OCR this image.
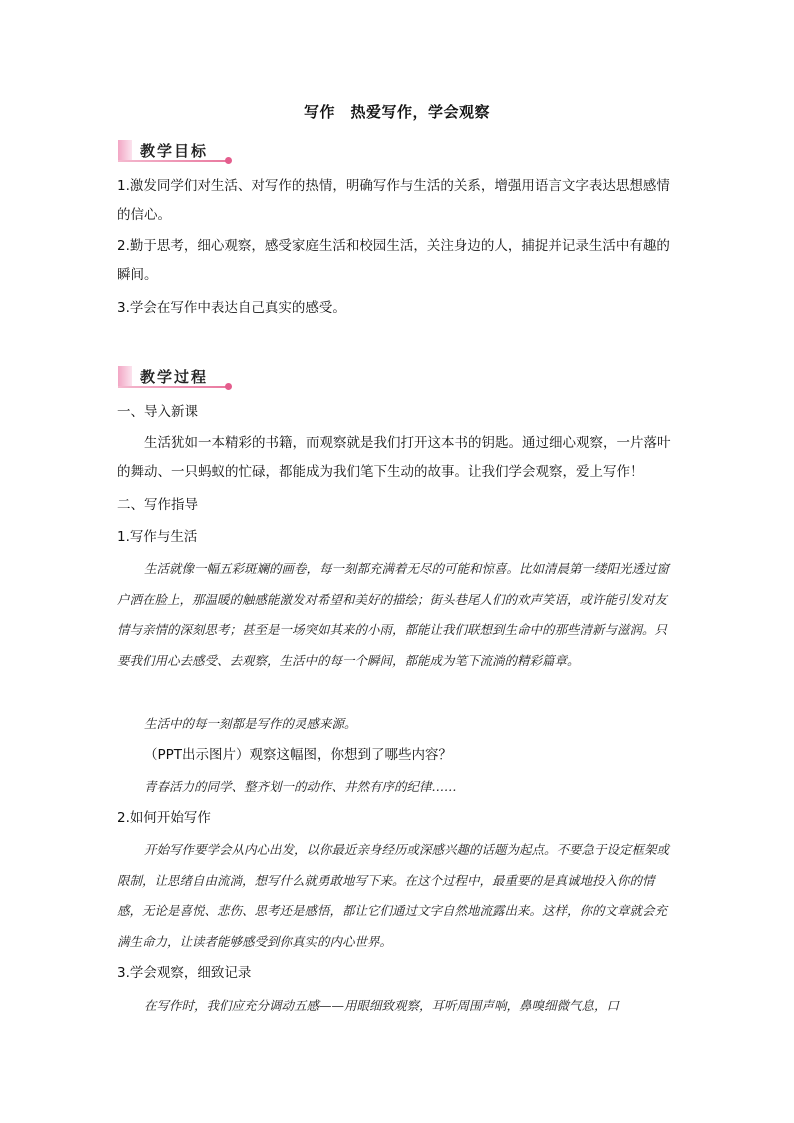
写作　热爱写作，学会观察
教学目标
1.激发同学们对生活、对写作的热情，明确写作与生活的关系，增强用语言文字表达思想感情的信心。
2.勤于思考，细心观察，感受家庭生活和校园生活，关注身边的人，捕捉并记录生活中有趣的瞬间。
3.学会在写作中表达自己真实的感受。
教学过程
一、导入新课
生活犹如一本精彩的书籍，而观察就是我们打开这本书的钥匙。通过细心观察，一片落叶的舞动、一只蚂蚁的忙碌，都能成为我们笔下生动的故事。让我们学会观察，爱上写作！
二、写作指导
1.写作与生活
生活就像一幅五彩斑斓的画卷，每一刻都充满着无尽的可能和惊喜。比如清晨第一缕阳光透过窗户洒在脸上，那温暖的触感能激发对希望和美好的描绘；街头巷尾人们的欢声笑语，或许能引发对友情与亲情的深刻思考；甚至是一场突如其来的小雨，都能让我们联想到生命中的那些清新与滋润。只要我们用心去感受、去观察，生活中的每一个瞬间，都能成为笔下流淌的精彩篇章。
生活中的每一刻都是写作的灵感来源。
（PPT出示图片）观察这幅图，你想到了哪些内容？
青春活力的同学、整齐划一的动作、井然有序的纪律……
2.如何开始写作
开始写作要学会从内心出发，以你最近亲身经历或深感兴趣的话题为起点。不要急于设定框架或限制，让思绪自由流淌，想写什么就勇敢地写下来。在这个过程中，最重要的是真诚地投入你的情感，无论是喜悦、悲伤、思考还是感悟，都让它们通过文字自然地流露出来。这样，你的文章就会充满生命力，让读者能够感受到你真实的内心世界。
3.学会观察，细致记录
在写作时，我们应充分调动五感——用眼细致观察，耳听周围声响，鼻嗅细微气息，口
